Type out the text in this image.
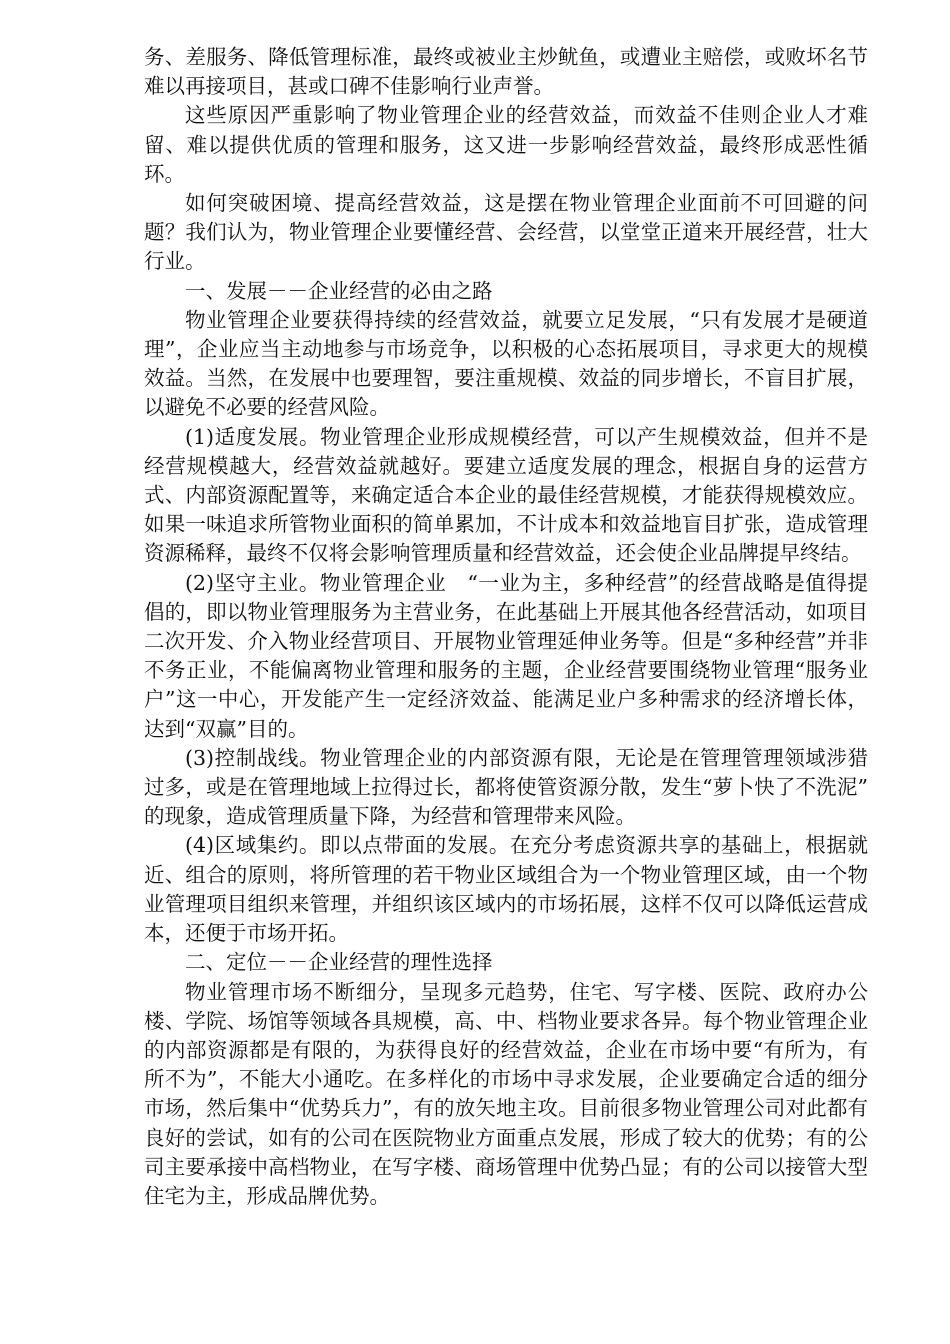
务、差服务、降低管理标准，最终或被业主炒鱿鱼，或遭业主赔偿，或败坏名节难以再接项目，甚或口碑不佳影响行业声誉。

这些原因严重影响了物业管理企业的经营效益，而效益不佳则企业人才难留、难以提供优质的管理和服务，这又进一步影响经营效益，最终形成恶性循环。

如何突破困境、提高经营效益，这是摆在物业管理企业面前不可回避的问题？我们认为，物业管理企业要懂经营、会经营，以堂堂正道来开展经营，壮大行业。

一、发展－－企业经营的必由之路

物业管理企业要获得持续的经营效益，就要立足发展，“只有发展才是硬道理”，企业应当主动地参与市场竞争，以积极的心态拓展项目，寻求更大的规模效益。当然，在发展中也要理智，要注重规模、效益的同步增长，不盲目扩展，以避免不必要的经营风险。

(1)适度发展。物业管理企业形成规模经营，可以产生规模效益，但并不是经营规模越大，经营效益就越好。要建立适度发展的理念，根据自身的运营方式、内部资源配置等，来确定适合本企业的最佳经营规模，才能获得规模效应。如果一味追求所管物业面积的简单累加，不计成本和效益地盲目扩张，造成管理资源稀释，最终不仅将会影响管理质量和经营效益，还会使企业品牌提早终结。

(2)坚守主业。物业管理企业　“一业为主，多种经营”的经营战略是值得提倡的，即以物业管理服务为主营业务，在此基础上开展其他各经营活动，如项目二次开发、介入物业经营项目、开展物业管理延伸业务等。但是“多种经营”并非不务正业，不能偏离物业管理和服务的主题，企业经营要围绕物业管理“服务业户”这一中心，开发能产生一定经济效益、能满足业户多种需求的经济增长体，达到“双赢”目的。

(3)控制战线。物业管理企业的内部资源有限，无论是在管理管理领域涉猎过多，或是在管理地域上拉得过长，都将使管资源分散，发生“萝卜快了不洗泥”　的现象，造成管理质量下降，为经营和管理带来风险。

(4)区域集约。即以点带面的发展。在充分考虑资源共享的基础上，根据就近、组合的原则，将所管理的若干物业区域组合为一个物业管理区域，由一个物业管理项目组织来管理，并组织该区域内的市场拓展，这样不仅可以降低运营成本，还便于市场开拓。

二、定位－－企业经营的理性选择

物业管理市场不断细分，呈现多元趋势，住宅、写字楼、医院、政府办公楼、学院、场馆等领域各具规模，高、中、档物业要求各异。每个物业管理企业的内部资源都是有限的，为获得良好的经营效益，企业在市场中要“有所为，有所不为”，不能大小通吃。在多样化的市场中寻求发展，企业要确定合适的细分市场，然后集中“优势兵力”，有的放矢地主攻。目前很多物业管理公司对此都有良好的尝试，如有的公司在医院物业方面重点发展，形成了较大的优势；有的公司主要承接中高档物业，在写字楼、商场管理中优势凸显；有的公司以接管大型住宅为主，形成品牌优势。
